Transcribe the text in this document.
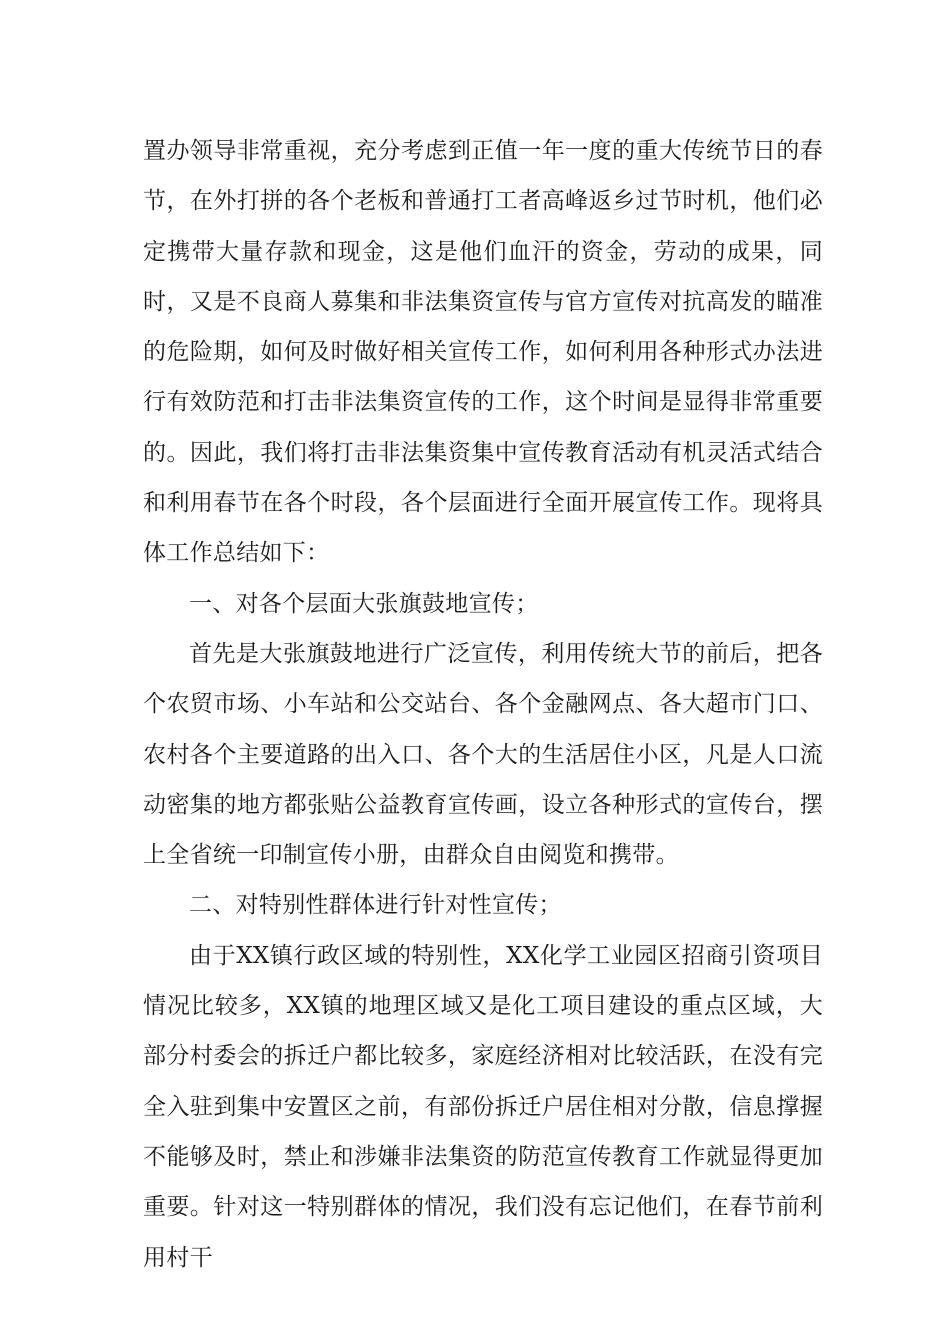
置办领导非常重视，充分考虑到正值一年一度的重大传统节日的春节，在外打拼的各个老板和普通打工者高峰返乡过节时机，他们必定携带大量存款和现金，这是他们血汗的资金，劳动的成果，同时，又是不良商人募集和非法集资宣传与官方宣传对抗高发的瞄准的危险期，如何及时做好相关宣传工作，如何利用各种形式办法进行有效防范和打击非法集资宣传的工作，这个时间是显得非常重要的。因此，我们将打击非法集资集中宣传教育活动有机灵活式结合和利用春节在各个时段，各个层面进行全面开展宣传工作。现将具体工作总结如下：

一、对各个层面大张旗鼓地宣传；

首先是大张旗鼓地进行广泛宣传，利用传统大节的前后，把各个农贸市场、小车站和公交站台、各个金融网点、各大超市门口、农村各个主要道路的出入口、各个大的生活居住小区，凡是人口流动密集的地方都张贴公益教育宣传画，设立各种形式的宣传台，摆上全省统一印制宣传小册，由群众自由阅览和携带。

二、对特别性群体进行针对性宣传；

由于XX镇行政区域的特别性，XX化学工业园区招商引资项目情况比较多，XX镇的地理区域又是化工项目建设的重点区域，大部分村委会的拆迁户都比较多，家庭经济相对比较活跃，在没有完全入驻到集中安置区之前，有部份拆迁户居住相对分散，信息撑握不能够及时，禁止和涉嫌非法集资的防范宣传教育工作就显得更加重要。针对这一特别群体的情况，我们没有忘记他们，在春节前利用村干
